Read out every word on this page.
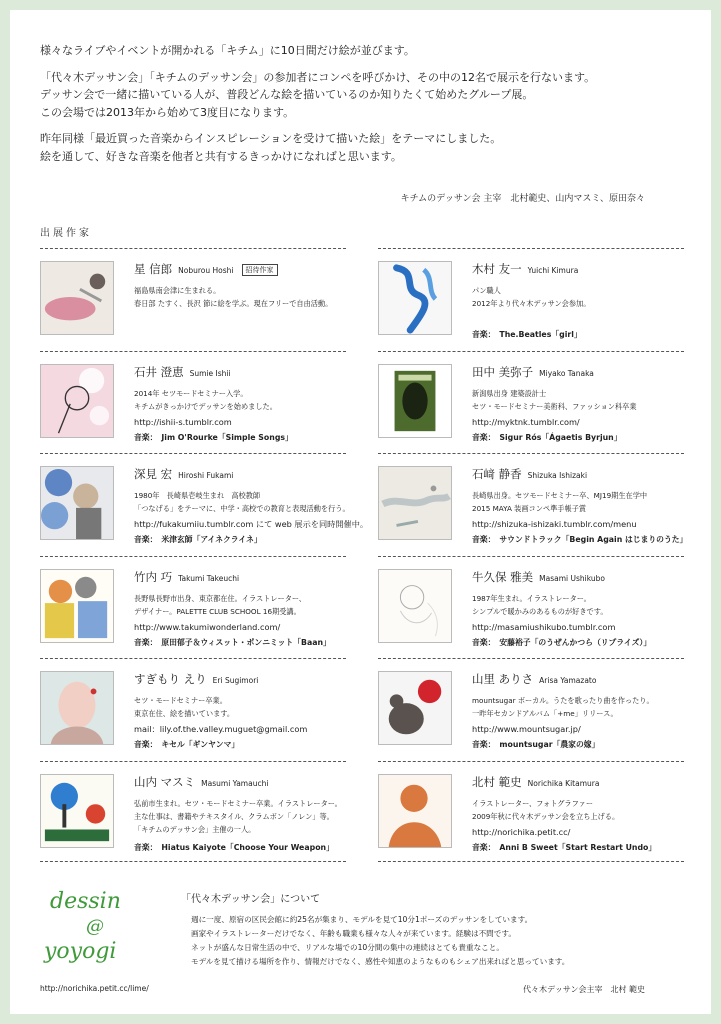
様々なライブやイベントが開かれる「キチム」に10日間だけ絵が並びます。

「代々木デッサン会」「キチムのデッサン会」の参加者にコンペを呼びかけ、その中の12名で展示を行ないます。
デッサン会で一緒に描いている人が、普段どんな絵を描いているのか知りたくて始めたグループ展。
この会場では2013年から始めて3度目になります。

昨年同様「最近買った音楽からインスピレーションを受けて描いた絵」をテーマにしました。
絵を通して、好きな音楽を他者と共有するきっかけになればと思います。

キチムのデッサン会 主宰　北村範史、山内マスミ、原田奈々
出展作家
星 信郎 Noburou Hoshi 招待作家
福島県南会津に生まれる。
春日部 たすく、長沢 節に絵を学ぶ。現在フリーで自由活動。
木村 友一 Yuichi Kimura
パン職人
2012年より代々木デッサン会参加。
音楽： The.Beatles「girl」
石井 澄恵 Sumie Ishii
2014年 セツモードセミナー入学。
キチムがきっかけでデッサンを始めました。
http://ishii-s.tumblr.com
音楽： Jim O'Rourke「Simple Songs」
田中 美弥子 Miyako Tanaka
新潟県出身 建築設計士
セツ・モードセミナー美術科、ファッション科卒業
http://myktnk.tumblr.com/
音楽： Sigur Rós「Ágaetis Byrjun」
深見 宏 Hiroshi Fukami
1980年　長崎県壱岐生まれ　高校教師
「つなげる」をテーマに、中学・高校での教育と表現活動を行う。
http://fukakumiiu.tumblr.com にて web 展示を同時開催中。
音楽： 米津玄師「アイネクライネ」
石﨑 静香 Shizuka Ishizaki
長崎県出身。セツモードセミナー卒、MJ19期生在学中
2015 MAYA 装画コンペ準手帳子賞
http://shizuka-ishizaki.tumblr.com/menu
音楽： サウンドトラック「Begin Again はじまりのうた」
竹内 巧 Takumi Takeuchi
長野県長野市出身、東京都在住。イラストレーター、
デザイナー。PALETTE CLUB SCHOOL 16期受講。
http://www.takumiwonderland.com/
音楽： 原田郁子＆ウィスット・ポンニミット「Baan」
牛久保 雅美 Masami Ushikubo
1987年生まれ。イラストレーター。
シンプルで暖かみのあるものが好きです。
http://masamiushikubo.tumblr.com
音楽： 安藤裕子「のうぜんかつら（リプライズ）」
すぎもり えり Eri Sugimori
セツ・モードセミナー卒業。
東京在住、絵を描いています。
mail：lily.of.the.valley.muguet@gmail.com
音楽： キセル「ギンヤンマ」
山里 ありさ Arisa Yamazato
mountsugar ボーカル。うたを歌ったり曲を作ったり。
一昨年セカンドアルバム「+me」リリース。
http://www.mountsugar.jp/
音楽： mountsugar「農家の嫁」
山内 マスミ Masumi Yamauchi
弘前市生まれ。セツ・モードセミナー卒業。イラストレーター。
主な仕事は、書籍やテキスタイル、クラムボン「ノレン」等。
「キチムのデッサン会」主催の一人。
音楽： Hiatus Kaiyote「Choose Your Weapon」
北村 範史 Norichika Kitamura
イラストレーター、フォトグラファー
2009年秋に代々木デッサン会を立ち上げる。
http://norichika.petit.cc/
音楽： Anni B Sweet「Start Restart Undo」
dessin
@
yoyogi
「代々木デッサン会」について
週に一度、原宿の区民会館に約25名が集まり、モデルを見て10分1ポーズのデッサンをしています。
画家やイラストレーターだけでなく、年齢も職業も様々な人々が来ています。経験は不問です。
ネットが盛んな日常生活の中で、リアルな場での10分間の集中の連続はとても貴重なこと。
モデルを見て描ける場所を作り、情報だけでなく、感性や知恵のようなものもシェア出来ればと思っています。
http://norichika.petit.cc/lime/	代々木デッサン会主宰　北村 範史
